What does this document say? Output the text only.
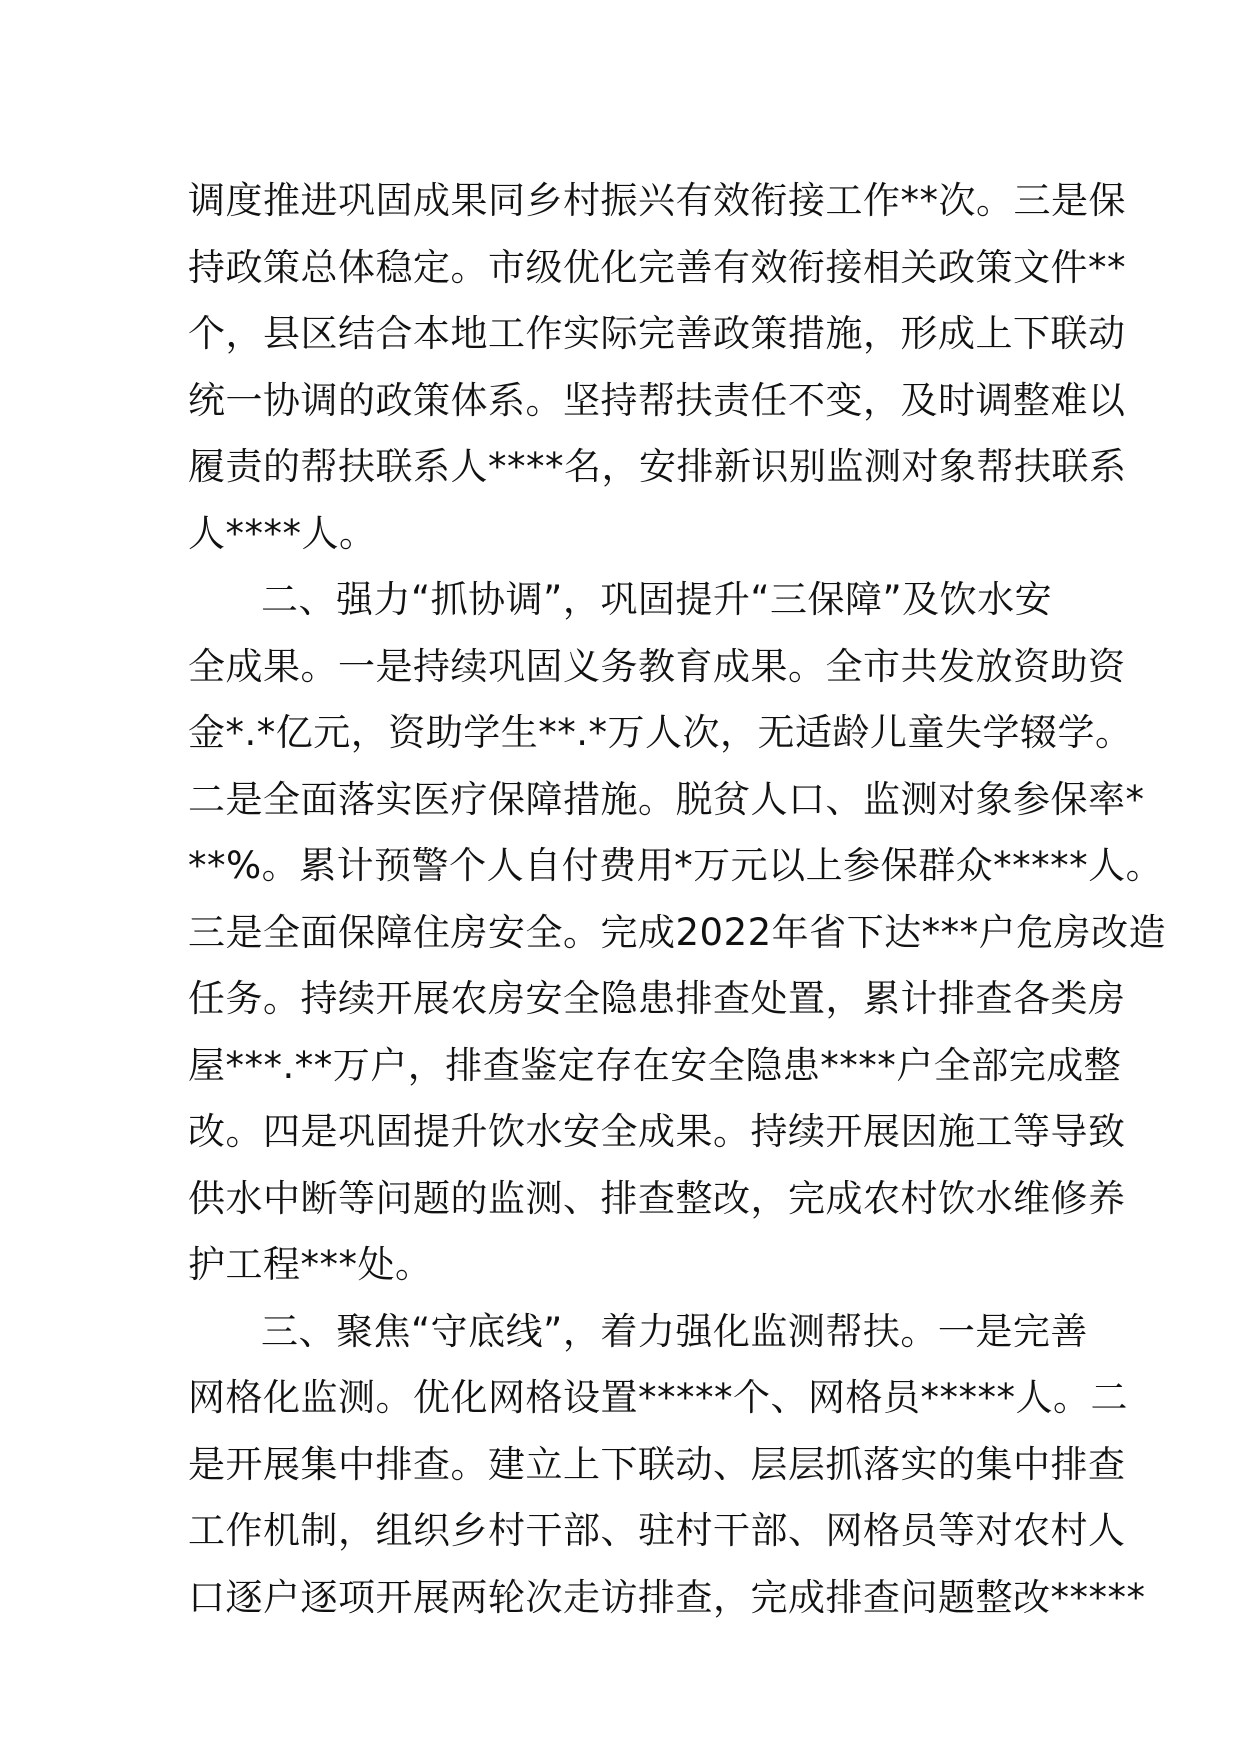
调度推进巩固成果同乡村振兴有效衔接工作**次。三是保
持政策总体稳定。市级优化完善有效衔接相关政策文件**
个，县区结合本地工作实际完善政策措施，形成上下联动
统一协调的政策体系。坚持帮扶责任不变，及时调整难以
履责的帮扶联系人****名，安排新识别监测对象帮扶联系
人****人。
二、强力“抓协调”，巩固提升“三保障”及饮水安
全成果。一是持续巩固义务教育成果。全市共发放资助资
金*.*亿元，资助学生**.*万人次，无适龄儿童失学辍学。
二是全面落实医疗保障措施。脱贫人口、监测对象参保率*
**%。累计预警个人自付费用*万元以上参保群众*****人。
三是全面保障住房安全。完成2022年省下达***户危房改造
任务。持续开展农房安全隐患排查处置，累计排查各类房
屋***.**万户，排查鉴定存在安全隐患****户全部完成整
改。四是巩固提升饮水安全成果。持续开展因施工等导致
供水中断等问题的监测、排查整改，完成农村饮水维修养
护工程***处。
三、聚焦“守底线”，着力强化监测帮扶。一是完善
网格化监测。优化网格设置*****个、网格员*****人。二
是开展集中排查。建立上下联动、层层抓落实的集中排查
工作机制，组织乡村干部、驻村干部、网格员等对农村人
口逐户逐项开展两轮次走访排查，完成排查问题整改*****
